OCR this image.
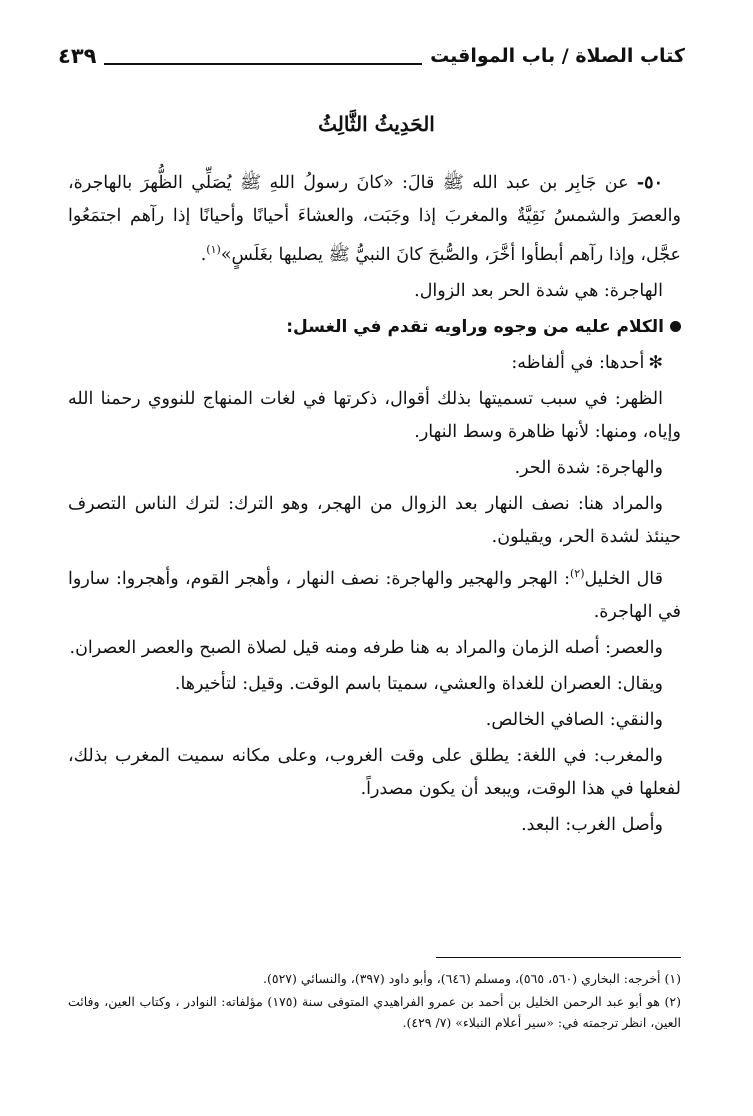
كتاب الصلاة / باب المواقيت
٤٣٩
الحَدِيثُ الثَّالِثُ

٥٠- عن جَابِر بن عبد الله ﷺ قالَ: «كانَ رسولُ اللهِ ﷺ يُصَلِّي الظُّهرَ بالهاجرة، والعصرَ والشمسُ نَقِيَّةٌ والمغربَ إذا وجَبَت، والعشاءَ أحيانًا وأحيانًا إذا رآهم اجتمَعُوا عجَّل، وإذا رآهم أبطأوا أخَّرَ، والصُّبحَ كانَ النبيُّ ﷺ يصليها بغَلَسٍ»$^{(١)}$.

الهاجرة: هي شدة الحر بعد الزوال.

الكلام عليه من وجوه وراويه تقدم في الغسل:

✻أحدها: في ألفاظه:

الظهر: في سبب تسميتها بذلك أقوال، ذكرتها في لغات المنهاج للنووي رحمنا الله وإياه، ومنها: لأنها ظاهرة وسط النهار.

والهاجرة: شدة الحر.

والمراد هنا: نصف النهار بعد الزوال من الهجر، وهو الترك: لترك الناس التصرف حينئذ لشدة الحر، ويقيلون.

قال الخليل$^{(٢)}$: الهجر والهجير والهاجرة: نصف النهار ، وأهجر القوم، وأهجروا: ساروا في الهاجرة.

والعصر: أصله الزمان والمراد به هنا طرفه ومنه قيل لصلاة الصبح والعصر العصران.

ويقال: العصران للغداة والعشي، سميتا باسم الوقت. وقيل: لتأخيرها.

والنقي: الصافي الخالص.

والمغرب: في اللغة: يطلق على وقت الغروب، وعلى مكانه سميت المغرب بذلك، لفعلها في هذا الوقت، ويبعد أن يكون مصدراً.

وأصل الغرب: البعد.

(١) أخرجه: البخاري (٥٦٠، ٥٦٥)، ومسلم (٦٤٦)، وأبو داود (٣٩٧)، والنسائي (٥٢٧).

(٢) هو أبو عبد الرحمن الخليل بن أحمد بن عمرو الفراهيدي المتوفى سنة (١٧٥) مؤلفاته: النوادر ، وكتاب العين، وفائت العين، انظر ترجمته في: «سير أعلام النبلاء» (٧/ ٤٢٩).
